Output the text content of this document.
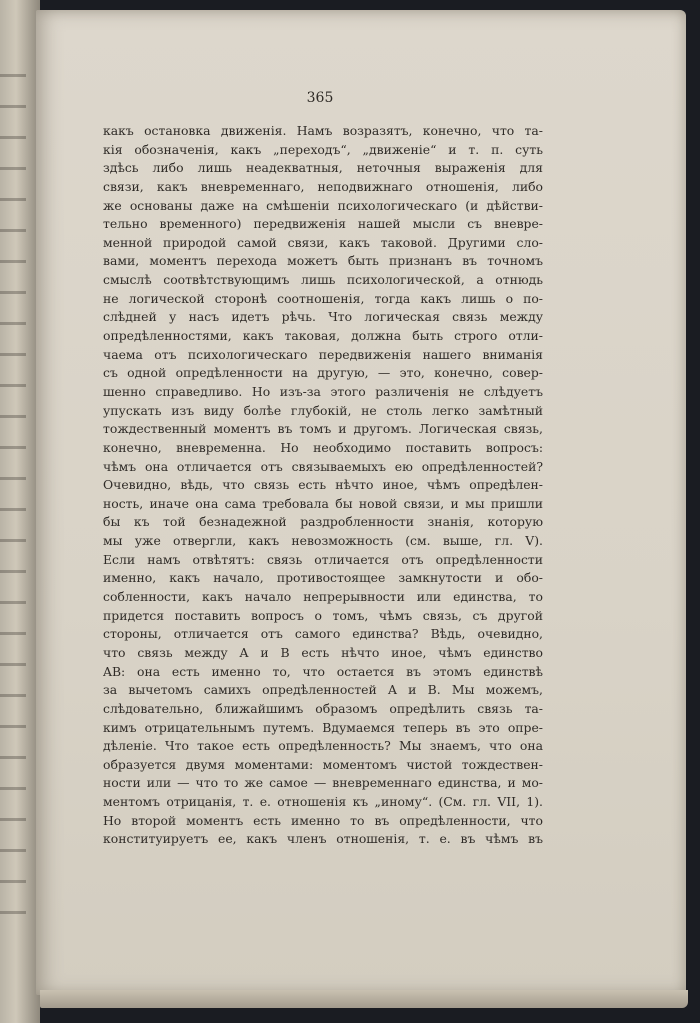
365
какъ остановка движенія. Намъ возразятъ, конечно, что та-
кія обозначенія, какъ „переходъ“, „движеніе“ и т. п. суть
здѣсь либо лишь неадекватныя, неточныя выраженія для
связи, какъ вневременнаго, неподвижнаго отношенія, либо
же основаны даже на смѣшеніи психологическаго (и дѣйстви-
тельно временного) передвиженія нашей мысли съ вневре-
менной природой самой связи, какъ таковой. Другими сло-
вами, моментъ перехода можетъ быть признанъ въ точномъ
смыслѣ соотвѣтствующимъ лишь психологической, а отнюдь
не логической сторонѣ соотношенія, тогда какъ лишь о по-
слѣдней у насъ идетъ рѣчь. Что логическая связь между
опредѣленностями, какъ таковая, должна быть строго отли-
чаема отъ психологическаго передвиженія нашего вниманія
съ одной опредѣленности на другую, — это, конечно, совер-
шенно справедливо. Но изъ-за этого различенія не слѣдуетъ
упускать изъ виду болѣе глубокій, не столь легко замѣтный
тождественный моментъ въ томъ и другомъ. Логическая связь,
конечно, вневременна. Но необходимо поставить вопросъ:
чѣмъ она отличается отъ связываемыхъ ею опредѣленностей?
Очевидно, вѣдь, что связь есть нѣчто иное, чѣмъ опредѣлен-
ность, иначе она сама требовала бы новой связи, и мы пришли
бы къ той безнадежной раздробленности знанія, которую
мы уже отвергли, какъ невозможность (см. выше, гл. V).
Если намъ отвѣтятъ: связь отличается отъ опредѣленности
именно, какъ начало, противостоящее замкнутости и обо-
собленности, какъ начало непрерывности или единства, то
придется поставить вопросъ о томъ, чѣмъ связь, съ другой
стороны, отличается отъ самого единства? Вѣдь, очевидно,
что связь между A и B есть нѣчто иное, чѣмъ единство
AB: она есть именно то, что остается въ этомъ единствѣ
за вычетомъ самихъ опредѣленностей A и B. Мы можемъ,
слѣдовательно, ближайшимъ образомъ опредѣлить связь та-
кимъ отрицательнымъ путемъ. Вдумаемся теперь въ это опре-
дѣленіе. Что такое есть опредѣленность? Мы знаемъ, что она
образуется двумя моментами: моментомъ чистой тождествен-
ности или — что то же самое — вневременнаго единства, и мо-
ментомъ отрицанія, т. е. отношенія къ „иному“. (См. гл. VII, 1).
Но второй моментъ есть именно то въ опредѣленности, что
конституируетъ ее, какъ членъ отношенія, т. е. въ чѣмъ въ
